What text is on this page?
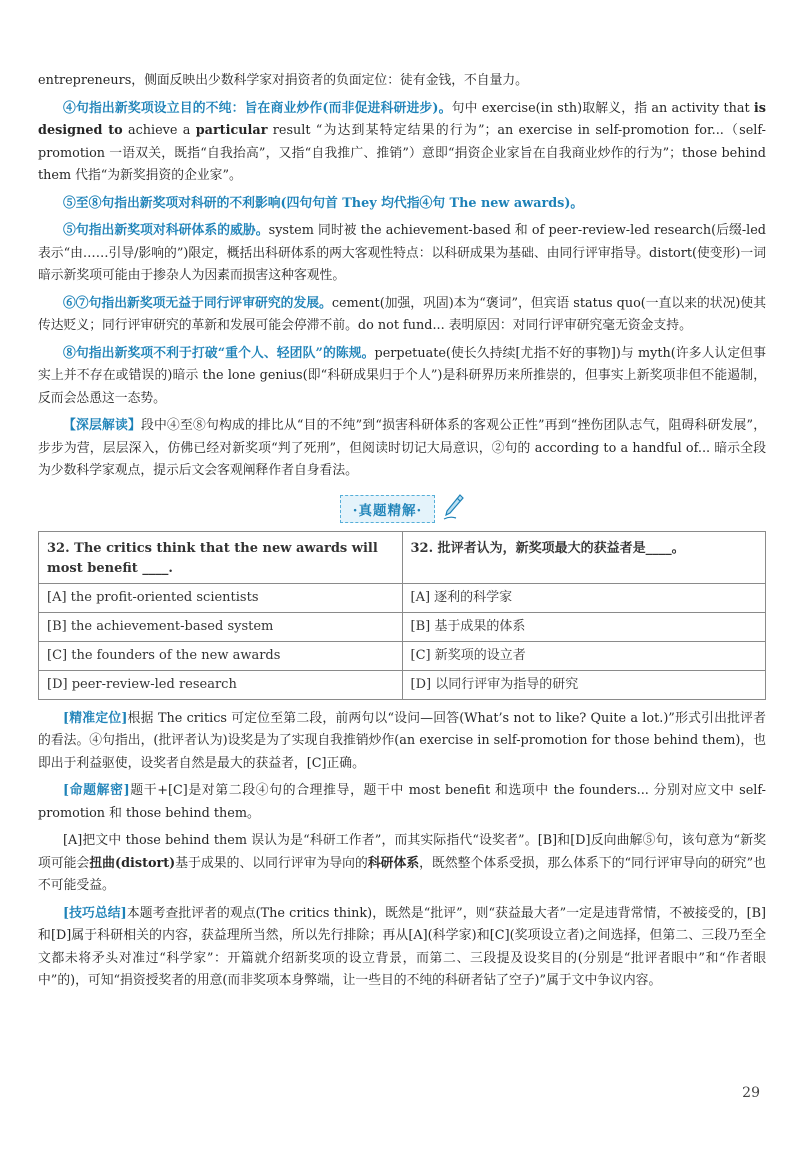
entrepreneurs，侧面反映出少数科学家对捐资者的负面定位：徒有金钱，不自量力。

④句指出新奖项设立目的不纯：旨在商业炒作(而非促进科研进步)。句中 exercise(in sth)取解义，指 an activity that is designed to achieve a particular result “为达到某特定结果的行为”；an exercise in self-promotion for...（self-promotion 一语双关，既指“自我抬高”，又指“自我推广、推销”）意即“捐资企业家旨在自我商业炒作的行为”；those behind them 代指“为新奖捐资的企业家”。

⑤至⑧句指出新奖项对科研的不利影响(四句句首 They 均代指④句 The new awards)。

⑤句指出新奖项对科研体系的威胁。system 同时被 the achievement-based 和 of peer-review-led research(后缀-led 表示“由……引导/影响的”)限定，概括出科研体系的两大客观性特点：以科研成果为基础、由同行评审指导。distort(使变形)一词暗示新奖项可能由于掺杂人为因素而损害这种客观性。

⑥⑦句指出新奖项无益于同行评审研究的发展。cement(加强，巩固)本为“褒词”，但宾语 status quo(一直以来的状况)使其传达贬义；同行评审研究的革新和发展可能会停滞不前。do not fund... 表明原因：对同行评审研究毫无资金支持。

⑧句指出新奖项不利于打破“重个人、轻团队”的陈规。perpetuate(使长久持续[尤指不好的事物])与 myth(许多人认定但事实上并不存在或错误的)暗示 the lone genius(即“科研成果归于个人”)是科研界历来所推崇的，但事实上新奖项非但不能遏制，反而会怂恿这一态势。

【深层解读】段中④至⑧句构成的排比从“目的不纯”到“损害科研体系的客观公正性”再到“挫伤团队志气，阻碍科研发展”，步步为营，层层深入，仿佛已经对新奖项“判了死刑”，但阅读时切记大局意识，②句的 according to a handful of... 暗示全段为少数科学家观点，提示后文会客观阐释作者自身看法。

·真题精解·
32. The critics think that the new awards will most benefit ____.	32. 批评者认为，新奖项最大的获益者是____。
[A] the profit-oriented scientists	[A] 逐利的科学家
[B] the achievement-based system	[B] 基于成果的体系
[C] the founders of the new awards	[C] 新奖项的设立者
[D] peer-review-led research	[D] 以同行评审为指导的研究

[精准定位]根据 The critics 可定位至第二段，前两句以“设问—回答(What’s not to like? Quite a lot.)”形式引出批评者的看法。④句指出，(批评者认为)设奖是为了实现自我推销炒作(an exercise in self-promotion for those behind them)，也即出于利益驱使，设奖者自然是最大的获益者，[C]正确。

[命题解密]题干+[C]是对第二段④句的合理推导，题干中 most benefit 和选项中 the founders... 分别对应文中 self-promotion 和 those behind them。

[A]把文中 those behind them 误认为是“科研工作者”，而其实际指代“设奖者”。[B]和[D]反向曲解⑤句，该句意为“新奖项可能会扭曲(distort)基于成果的、以同行评审为导向的科研体系，既然整个体系受损，那么体系下的“同行评审导向的研究”也不可能受益。

[技巧总结]本题考查批评者的观点(The critics think)，既然是“批评”，则“获益最大者”一定是违背常情，不被接受的，[B]和[D]属于科研相关的内容，获益理所当然，所以先行排除；再从[A](科学家)和[C](奖项设立者)之间选择，但第二、三段乃至全文都未将矛头对准过“科学家”：开篇就介绍新奖项的设立背景，而第二、三段提及设奖目的(分别是“批评者眼中”和“作者眼中”的)，可知“捐资授奖者的用意(而非奖项本身弊端，让一些目的不纯的科研者钻了空子)”属于文中争议内容。

29
